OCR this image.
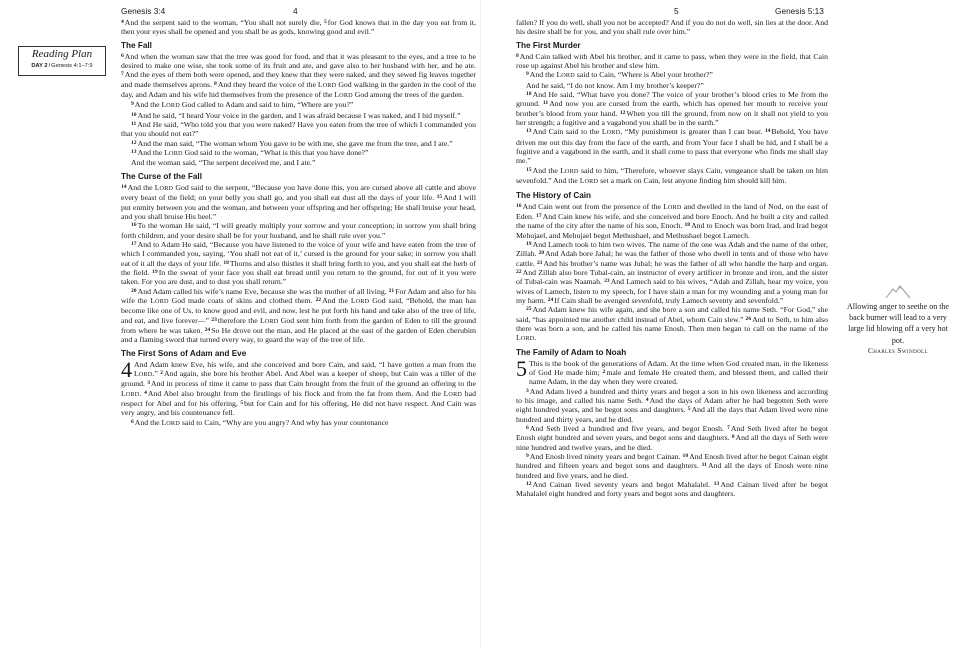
Genesis 3:4	4
Reading Plan
DAY 2/Genesis 4:1–7:9

$^4$And the serpent said to the woman, “You shall not surely die, $^5$for God knows that in the day you eat from it, then your eyes shall be opened and you shall be as gods, knowing good and evil.”

The Fall

$^6$And when the woman saw that the tree was good for food, and that it was pleasant to the eyes, and a tree to be desired to make one wise, she took some of its fruit and ate, and gave also to her husband with her, and he ate. $^7$And the eyes of them both were opened, and they knew that they were naked, and they sewed fig leaves together and made themselves aprons. $^8$And they heard the voice of the LORD God walking in the garden in the cool of the day, and Adam and his wife hid themselves from the presence of the LORD God among the trees of the garden.

$^9$And the LORD God called to Adam and said to him, “Where are you?”

$^{10}$And he said, “I heard Your voice in the garden, and I was afraid because I was naked, and I hid myself.”

$^{11}$And He said, “Who told you that you were naked? Have you eaten from the tree of which I commanded you that you should not eat?”

$^{12}$And the man said, “The woman whom You gave to be with me, she gave me from the tree, and I ate.”

$^{13}$And the LORD God said to the woman, “What is this that you have done?”

And the woman said, “The serpent deceived me, and I ate.”

The Curse of the Fall

$^{14}$And the LORD God said to the serpent, “Because you have done this, you are cursed above all cattle and above every beast of the field; on your belly you shall go, and you shall eat dust all the days of your life. $^{15}$And I will put enmity between you and the woman, and between your offspring and her offspring; He shall bruise your head, and you shall bruise His heel.”

$^{16}$To the woman He said, “I will greatly multiply your sorrow and your conception; in sorrow you shall bring forth children, and your desire shall be for your husband, and he shall rule over you.”

$^{17}$And to Adam He said, “Because you have listened to the voice of your wife and have eaten from the tree of which I commanded you, saying, ‘You shall not eat of it,’ cursed is the ground for your sake; in sorrow you shall eat of it all the days of your life. $^{18}$Thorns and also thistles it shall bring forth to you, and you shall eat the herb of the field. $^{19}$In the sweat of your face you shall eat bread until you return to the ground, for out of it you were taken. For you are dust, and to dust you shall return.”

$^{20}$And Adam called his wife’s name Eve, because she was the mother of all living. $^{21}$For Adam and also for his wife the LORD God made coats of skins and clothed them. $^{22}$And the LORD God said, “Behold, the man has become like one of Us, to know good and evil, and now, lest he put forth his hand and take also of the tree of life, and eat, and live forever—” $^{23}$therefore the LORD God sent him forth from the garden of Eden to till the ground from where he was taken. $^{24}$So He drove out the man, and He placed at the east of the garden of Eden cherubim and a flaming sword that turned every way, to guard the way of the tree of life.

The First Sons of Adam and Eve

4 And Adam knew Eve, his wife, and she conceived and bore Cain, and said, “I have gotten a man from the LORD.” $^2$And again, she bore his brother Abel. And Abel was a keeper of sheep, but Cain was a tiller of the ground. $^3$And in process of time it came to pass that Cain brought from the fruit of the ground an offering to the LORD. $^4$And Abel also brought from the firstlings of his flock and from the fat from them. And the LORD had respect for Abel and for his offering, $^5$but for Cain and for his offering, He did not have respect. And Cain was very angry, and his countenance fell.

$^6$And the LORD said to Cain, “Why are you angry? And why has your countenance

5	Genesis 5:13

fallen? If you do well, shall you not be accepted? And if you do not do well, sin lies at the door. And his desire shall be for you, and you shall rule over him.”

The First Murder

$^8$And Cain talked with Abel his brother, and it came to pass, when they were in the field, that Cain rose up against Abel his brother and slew him.

$^9$And the LORD said to Cain, “Where is Abel your brother?”

And he said, “I do not know. Am I my brother’s keeper?”

$^{10}$And He said, “What have you done? The voice of your brother’s blood cries to Me from the ground. $^{11}$And now you are cursed from the earth, which has opened her mouth to receive your brother’s blood from your hand. $^{12}$When you till the ground, from now on it shall not yield to you her strength; a fugitive and a vagabond you shall be in the earth.”

$^{13}$And Cain said to the LORD, “My punishment is greater than I can bear. $^{14}$Behold, You have driven me out this day from the face of the earth, and from Your face I shall be hid, and I shall be a fugitive and a vagabond in the earth, and it shall come to pass that everyone who finds me shall slay me.”

$^{15}$And the LORD said to him, “Therefore, whoever slays Cain, vengeance shall be taken on him sevenfold.” And the LORD set a mark on Cain, lest anyone finding him should kill him.

The History of Cain

$^{16}$And Cain went out from the presence of the LORD and dwelled in the land of Nod, on the east of Eden. $^{17}$And Cain knew his wife, and she conceived and bore Enoch. And he built a city and called the name of the city after the name of his son, Enoch. $^{18}$And to Enoch was born Irad, and Irad begot Mehujael, and Mehujael begot Methushael, and Methushael begot Lamech.

$^{19}$And Lamech took to him two wives. The name of the one was Adah and the name of the other, Zillah. $^{20}$And Adah bore Jabal; he was the father of those who dwell in tents and of those who have cattle. $^{21}$And his brother’s name was Jubal; he was the father of all who handle the harp and organ. $^{22}$And Zillah also bore Tubal-cain, an instructor of every artificer in bronze and iron, and the sister of Tubal-cain was Naamah. $^{23}$And Lamech said to his wives, “Adah and Zillah, hear my voice, you wives of Lamech, listen to my speech, for I have slain a man for my wounding and a young man for my harm. $^{24}$If Cain shall be avenged sevenfold, truly Lamech seventy and sevenfold.”

$^{25}$And Adam knew his wife again, and she bore a son and called his name Seth. “For God,” she said, “has appointed me another child instead of Abel, whom Cain slew.” $^{26}$And to Seth, to him also there was born a son, and he called his name Enosh. Then men began to call on the name of the LORD.

The Family of Adam to Noah

5 This is the book of the generations of Adam. At the time when God created man, in the likeness of God He made him; $^2$male and female He created them, and blessed them, and called their name Adam, in the day when they were created.

$^3$And Adam lived a hundred and thirty years and begot a son in his own likeness and according to his image, and called his name Seth. $^4$And the days of Adam after he had begotten Seth were eight hundred years, and he begot sons and daughters. $^5$And all the days that Adam lived were nine hundred and thirty years, and he died.

$^6$And Seth lived a hundred and five years, and begot Enosh. $^7$And Seth lived after he begot Enosh eight hundred and seven years, and begot sons and daughters. $^8$And all the days of Seth were nine hundred and twelve years, and he died.

$^9$And Enosh lived ninety years and begot Cainan. $^{10}$And Enosh lived after he begot Cainan eight hundred and fifteen years and begot sons and daughters. $^{11}$And all the days of Enosh were nine hundred and five years, and he died.

$^{12}$And Cainan lived seventy years and begot Mahalalel. $^{13}$And Cainan lived after he begot Mahalalel eight hundred and forty years and begot sons and daughters.

Allowing anger to seethe on the back burner will lead to a very large lid blowing off a very hot pot.
Charles Swindoll
